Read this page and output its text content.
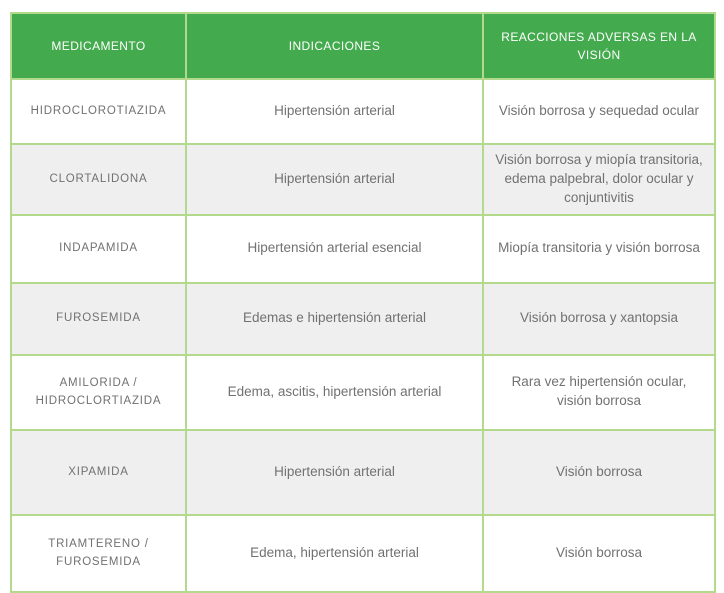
MEDICAMENTO	INDICACIONES	REACCIONES ADVERSAS EN LA VISIÓN
HIDROCLOROTIAZIDA	Hipertensión arterial	Visión borrosa y sequedad ocular
CLORTALIDONA	Hipertensión arterial	Visión borrosa y miopía transitoria, edema palpebral, dolor ocular y conjuntivitis
INDAPAMIDA	Hipertensión arterial esencial	Miopía transitoria y visión borrosa
FUROSEMIDA	Edemas e hipertensión arterial	Visión borrosa y xantopsia
AMILORIDA / HIDROCLORTIAZIDA	Edema, ascitis, hipertensión arterial	Rara vez hipertensión ocular, visión borrosa
XIPAMIDA	Hipertensión arterial	Visión borrosa
TRIAMTERENO / FUROSEMIDA	Edema, hipertensión arterial	Visión borrosa
